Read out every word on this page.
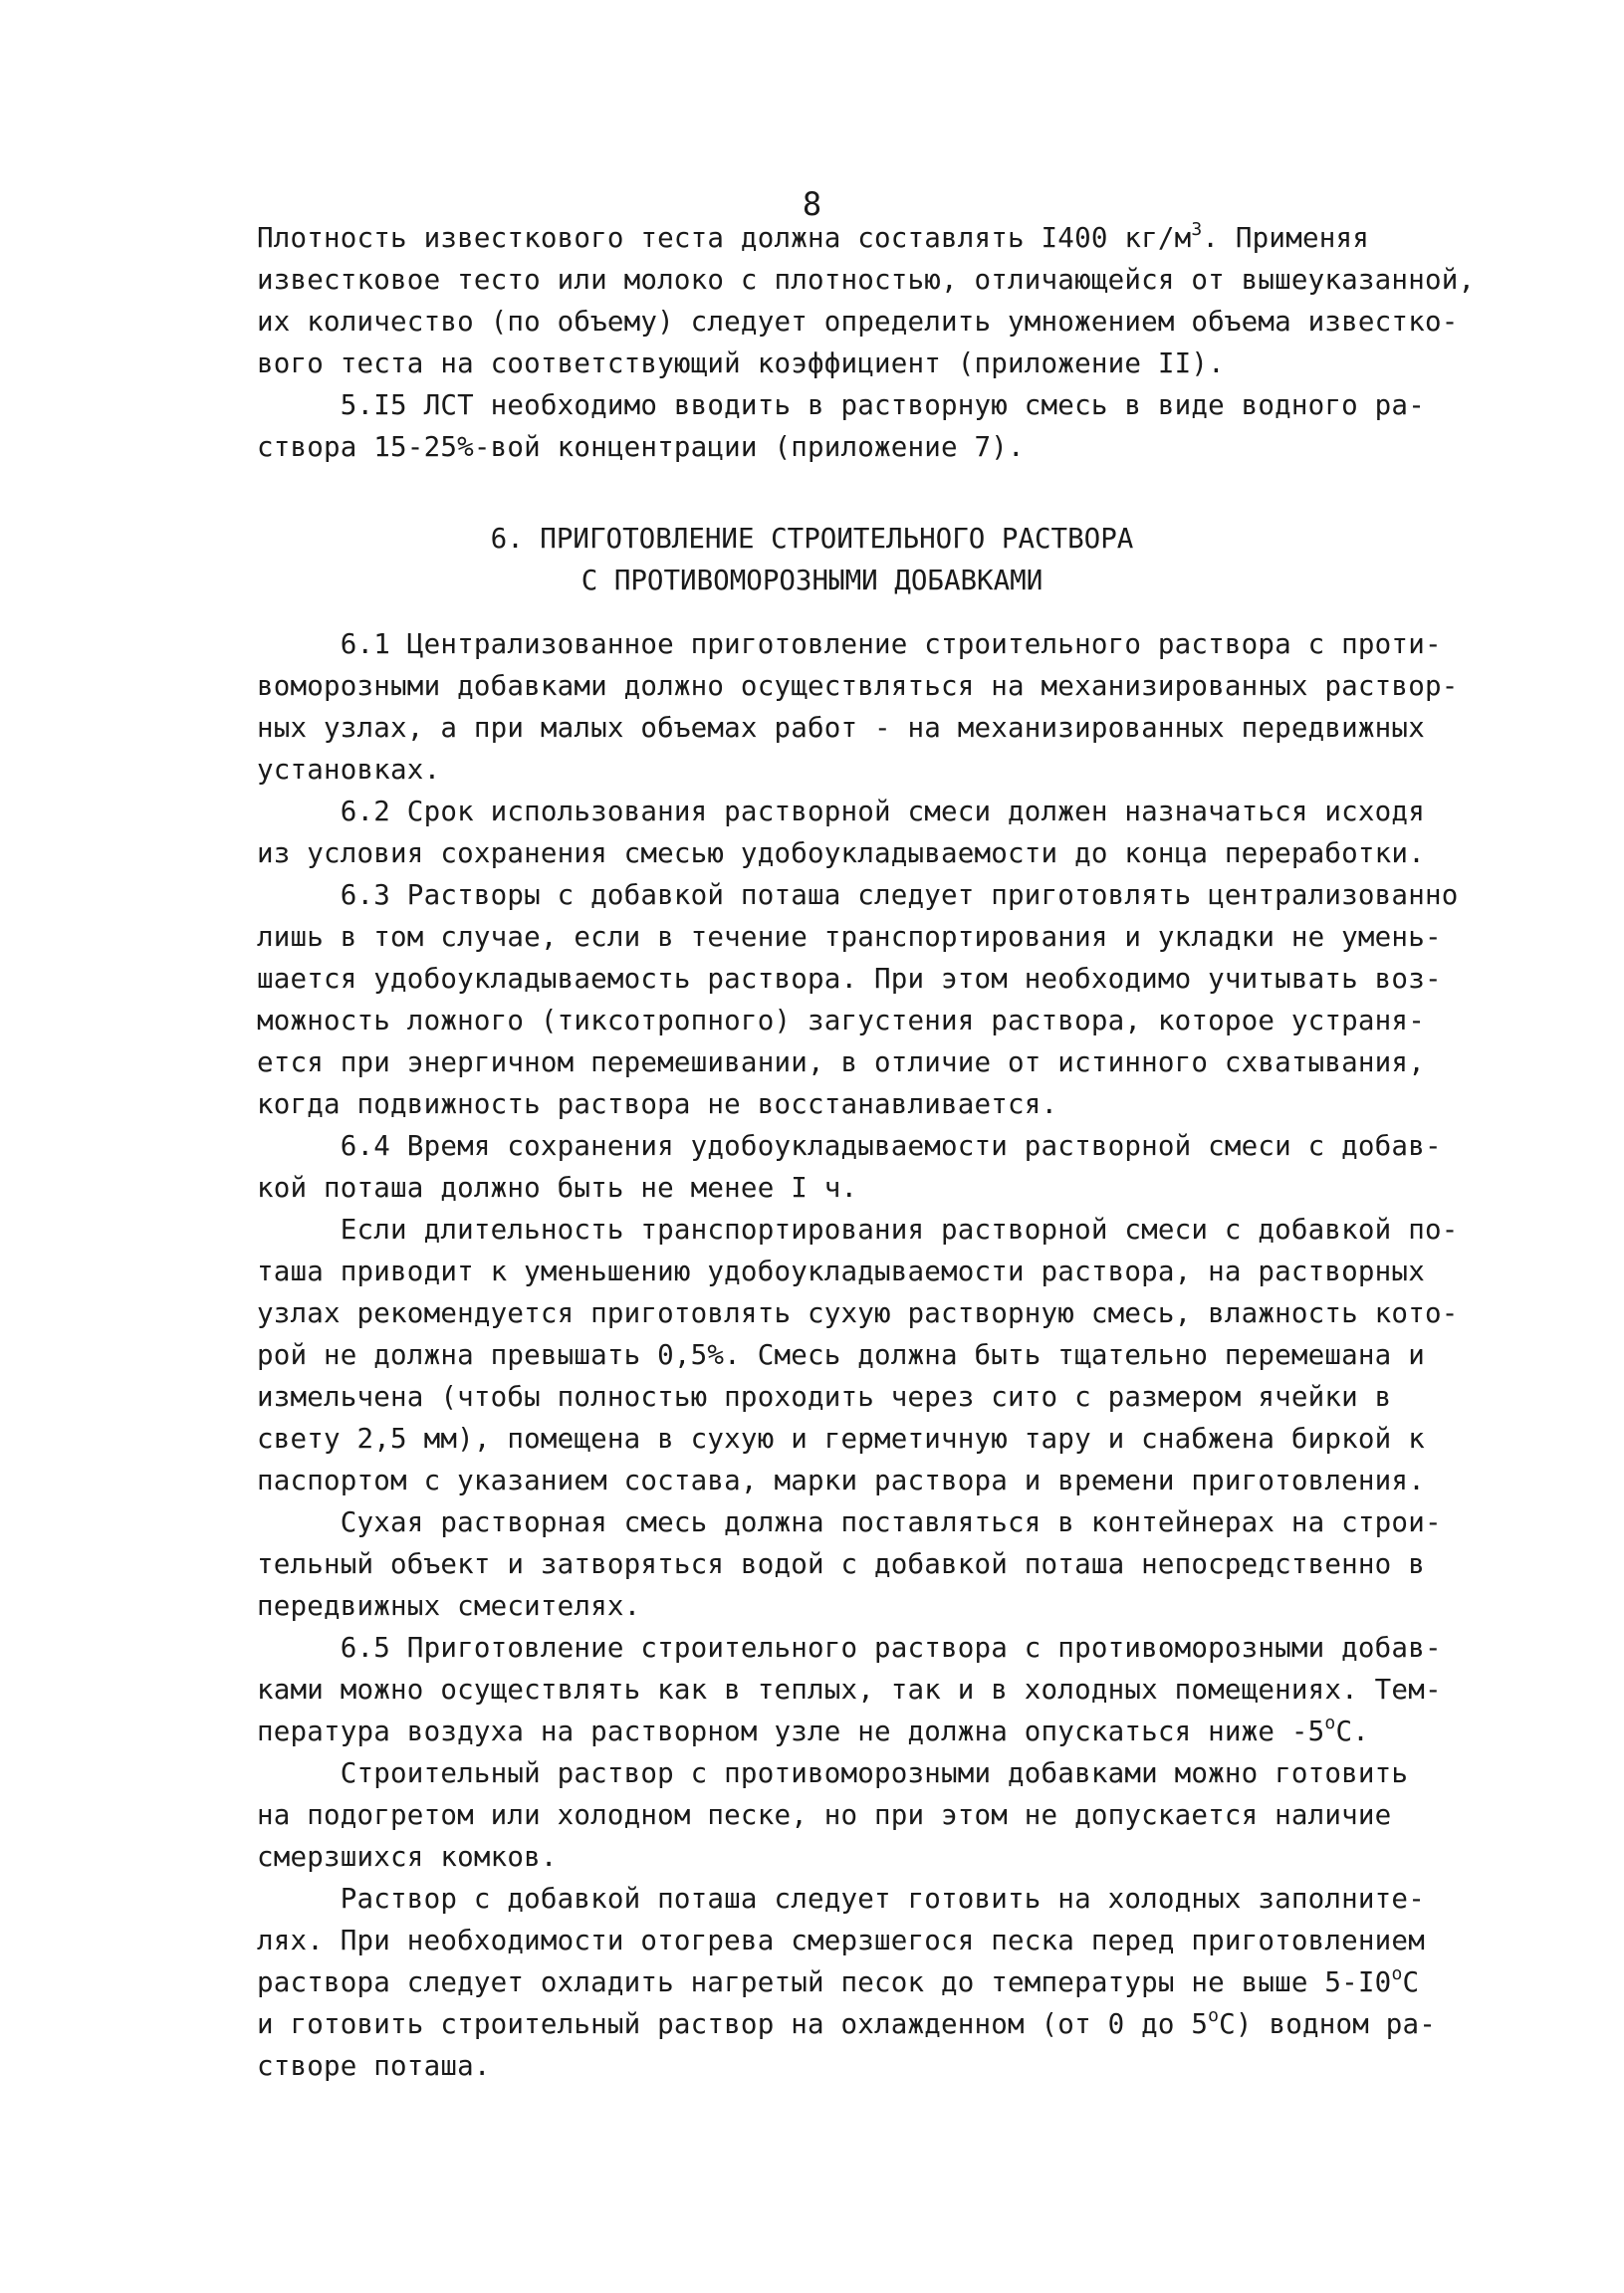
8
Плотность известкового теста должна составлять I400 $кг/м^3$. Применяя
известковое тесто или молоко с плотностью, отличающейся от вышеуказанной,
их количество (по объему) следует определить умножением объема известко-
вого теста на соответствующий коэффициент (приложение II).
5.I5 ЛСТ необходимо вводить в растворную смесь в виде водного ра-
створа 15-25%-вой концентрации (приложение 7).
6. ПРИГОТОВЛЕНИЕ СТРОИТЕЛЬНОГО РАСТВОРА
С ПРОТИВОМОРОЗНЫМИ ДОБАВКАМИ
6.1 Централизованное приготовление строительного раствора с проти-
воморозными добавками должно осуществляться на механизированных раствор-
ных узлах, а при малых объемах работ - на механизированных передвижных
установках.
6.2 Срок использования растворной смеси должен назначаться исходя
из условия сохранения смесью удобоукладываемости до конца переработки.
6.3 Растворы с добавкой поташа следует приготовлять централизованно
лишь в том случае, если в течение транспортирования и укладки не умень-
шается удобоукладываемость раствора. При этом необходимо учитывать воз-
можность ложного (тиксотропного) загустения раствора, которое устраня-
ется при энергичном перемешивании, в отличие от истинного схватывания,
когда подвижность раствора не восстанавливается.
6.4 Время сохранения удобоукладываемости растворной смеси с добав-
кой поташа должно быть не менее I ч.
Если длительность транспортирования растворной смеси с добавкой по-
таша приводит к уменьшению удобоукладываемости раствора, на растворных
узлах рекомендуется приготовлять сухую растворную смесь, влажность кото-
рой не должна превышать 0,5%. Смесь должна быть тщательно перемешана и
измельчена (чтобы полностью проходить через сито с размером ячейки в
свету 2,5 мм), помещена в сухую и герметичную тару и снабжена биркой к
паспортом с указанием состава, марки раствора и времени приготовления.
Сухая растворная смесь должна поставляться в контейнерах на строи-
тельный объект и затворяться водой с добавкой поташа непосредственно в
передвижных смесителях.
6.5 Приготовление строительного раствора с противоморозными добав-
ками можно осуществлять как в теплых, так и в холодных помещениях. Тем-
пература воздуха на растворном узле не должна опускаться ниже $-5^оС$.
Строительный раствор с противоморозными добавками можно готовить
на подогретом или холодном песке, но при этом не допускается наличие
смерзшихся комков.
Раствор с добавкой поташа следует готовить на холодных заполните-
лях. При необходимости отогрева смерзшегося песка перед приготовлением
раствора следует охладить нагретый песок до температуры не выше $5-I0^оС$
и готовить строительный раствор на охлажденном (от 0 до $5^оС$) водном ра-
створе поташа.
